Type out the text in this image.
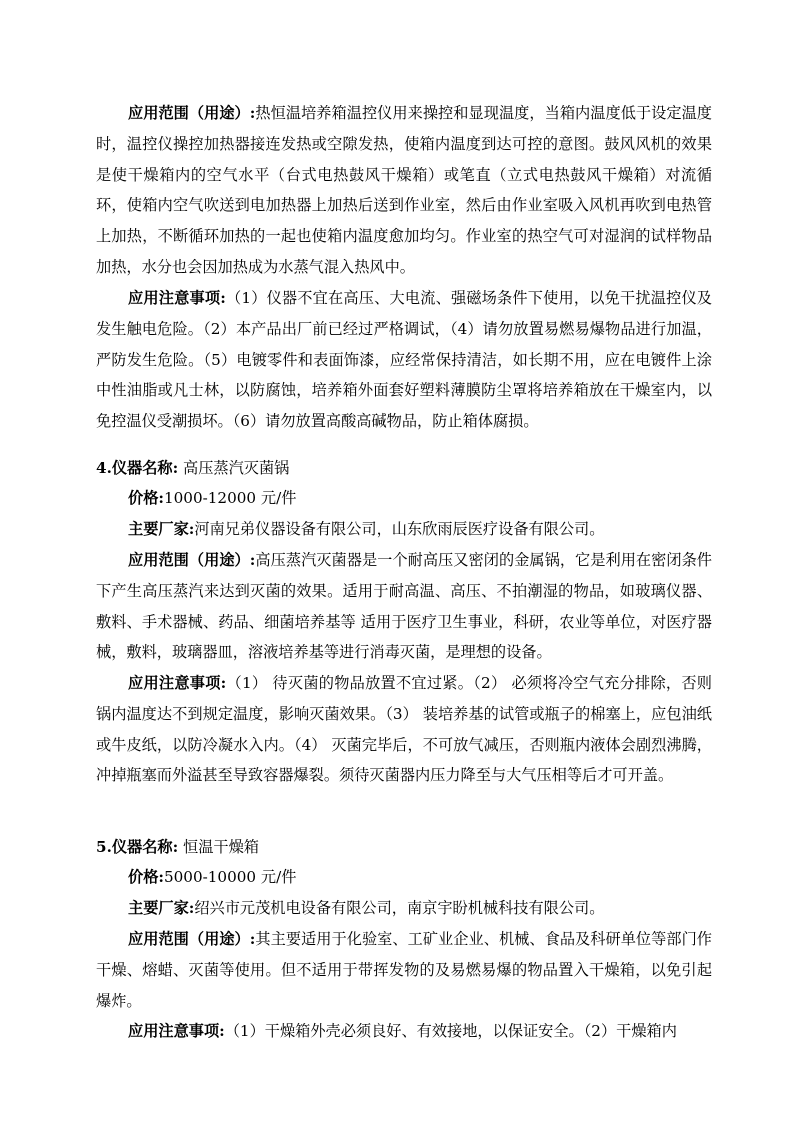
应用范围（用途）:热恒温培养箱温控仪用来操控和显现温度，当箱内温度低于设定温度时，温控仪操控加热器接连发热或空隙发热，使箱内温度到达可控的意图。鼓风风机的效果是使干燥箱内的空气水平（台式电热鼓风干燥箱）或笔直（立式电热鼓风干燥箱）对流循环，使箱内空气吹送到电加热器上加热后送到作业室，然后由作业室吸入风机再吹到电热管上加热，不断循环加热的一起也使箱内温度愈加均匀。作业室的热空气可对湿润的试样物品加热，水分也会因加热成为水蒸气混入热风中。

应用注意事项:（1）仪器不宜在高压、大电流、强磁场条件下使用，以免干扰温控仪及发生触电危险。（2）本产品出厂前已经过严格调试，（4）请勿放置易燃易爆物品进行加温，严防发生危险。（5）电镀零件和表面饰漆，应经常保持清洁，如长期不用，应在电镀件上涂中性油脂或凡士林，以防腐蚀，培养箱外面套好塑料薄膜防尘罩将培养箱放在干燥室内，以免控温仪受潮损坏。（6）请勿放置高酸高碱物品，防止箱体腐损。

4.仪器名称: 高压蒸汽灭菌锅

价格:1000-12000 元/件

主要厂家:河南兄弟仪器设备有限公司，山东欣雨辰医疗设备有限公司。

应用范围（用途）:高压蒸汽灭菌器是一个耐高压又密闭的金属锅，它是利用在密闭条件下产生高压蒸汽来达到灭菌的效果。适用于耐高温、高压、不拍潮湿的物品，如玻璃仪器、敷料、手术器械、药品、细菌培养基等 适用于医疗卫生事业，科研，农业等单位，对医疗器械，敷料，玻璃器皿，溶液培养基等进行消毒灭菌，是理想的设备。

应用注意事项:（1） 待灭菌的物品放置不宜过紧。（2） 必须将冷空气充分排除，否则锅内温度达不到规定温度，影响灭菌效果。（3） 装培养基的试管或瓶子的棉塞上，应包油纸或牛皮纸，以防冷凝水入内。（4） 灭菌完毕后，不可放气减压，否则瓶内液体会剧烈沸腾，冲掉瓶塞而外溢甚至导致容器爆裂。须待灭菌器内压力降至与大气压相等后才可开盖。

5.仪器名称: 恒温干燥箱

价格:5000-10000 元/件

主要厂家:绍兴市元茂机电设备有限公司，南京宇盼机械科技有限公司。

应用范围（用途）:其主要适用于化验室、工矿业企业、机械、食品及科研单位等部门作干燥、熔蜡、灭菌等使用。但不适用于带挥发物的及易燃易爆的物品置入干燥箱，以免引起爆炸。

应用注意事项:（1）干燥箱外壳必须良好、有效接地，以保证安全。（2）干燥箱内
